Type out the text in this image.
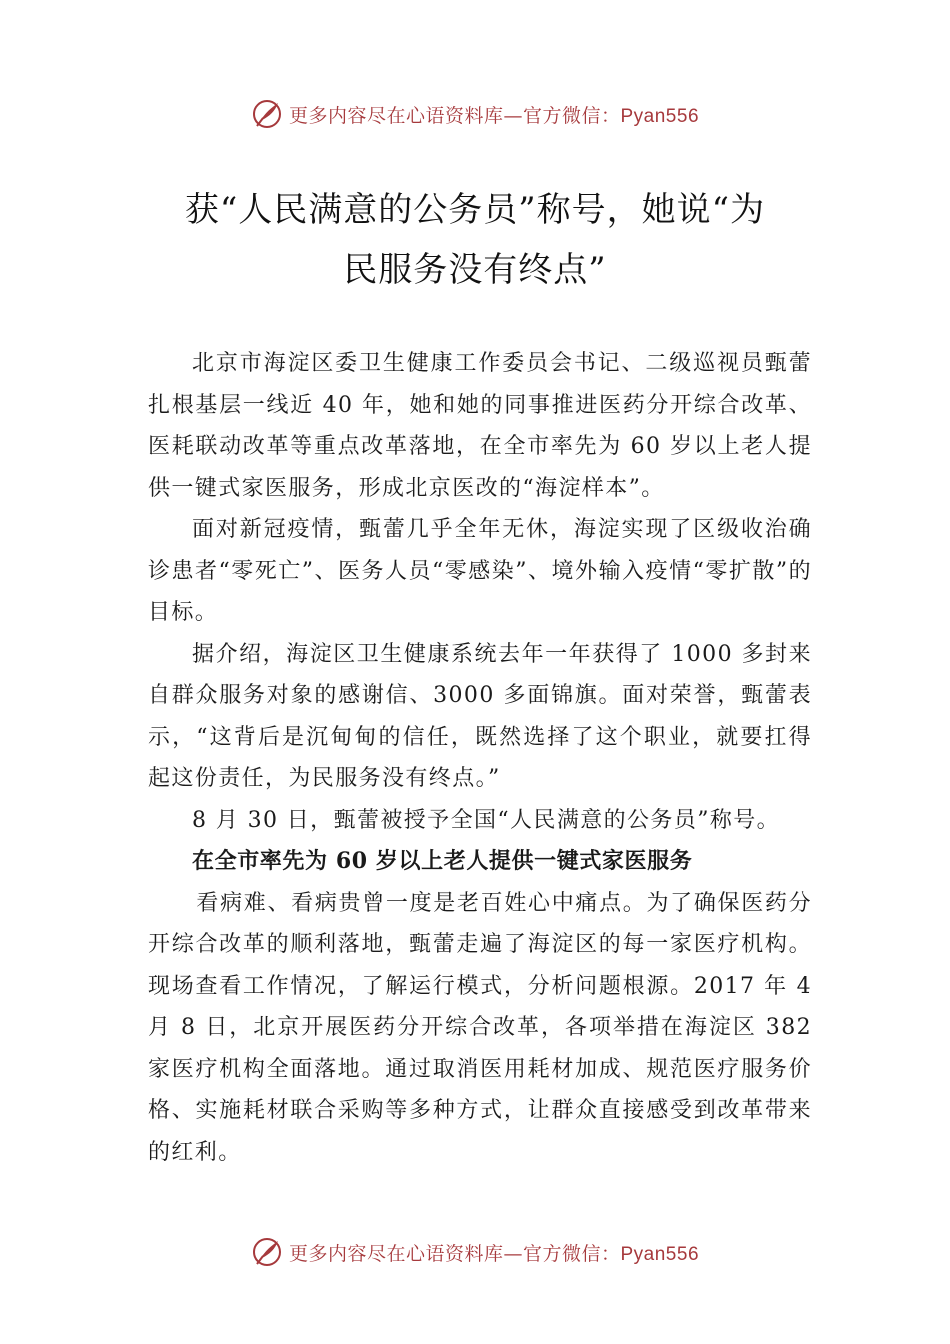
更多内容尽在心语资料库—官方微信：Pyan556
获“人民满意的公务员”称号，她说“为
民服务没有终点”

北京市海淀区委卫生健康工作委员会书记、二级巡视员甄蕾扎根基层一线近 40 年，她和她的同事推进医药分开综合改革、医耗联动改革等重点改革落地，在全市率先为 60 岁以上老人提供一键式家医服务，形成北京医改的“海淀样本”。

面对新冠疫情，甄蕾几乎全年无休，海淀实现了区级收治确诊患者“零死亡”、医务人员“零感染”、境外输入疫情“零扩散”的目标。

据介绍，海淀区卫生健康系统去年一年获得了 1000 多封来自群众服务对象的感谢信、3000 多面锦旗。面对荣誉，甄蕾表示，“这背后是沉甸甸的信任，既然选择了这个职业，就要扛得起这份责任，为民服务没有终点。”

8 月 30 日，甄蕾被授予全国“人民满意的公务员”称号。

在全市率先为 60 岁以上老人提供一键式家医服务

看病难、看病贵曾一度是老百姓心中痛点。为了确保医药分开综合改革的顺利落地，甄蕾走遍了海淀区的每一家医疗机构。现场查看工作情况，了解运行模式，分析问题根源。2017 年 4 月 8 日，北京开展医药分开综合改革，各项举措在海淀区 382 家医疗机构全面落地。通过取消医用耗材加成、规范医疗服务价格、实施耗材联合采购等多种方式，让群众直接感受到改革带来的红利。

更多内容尽在心语资料库—官方微信：Pyan556
